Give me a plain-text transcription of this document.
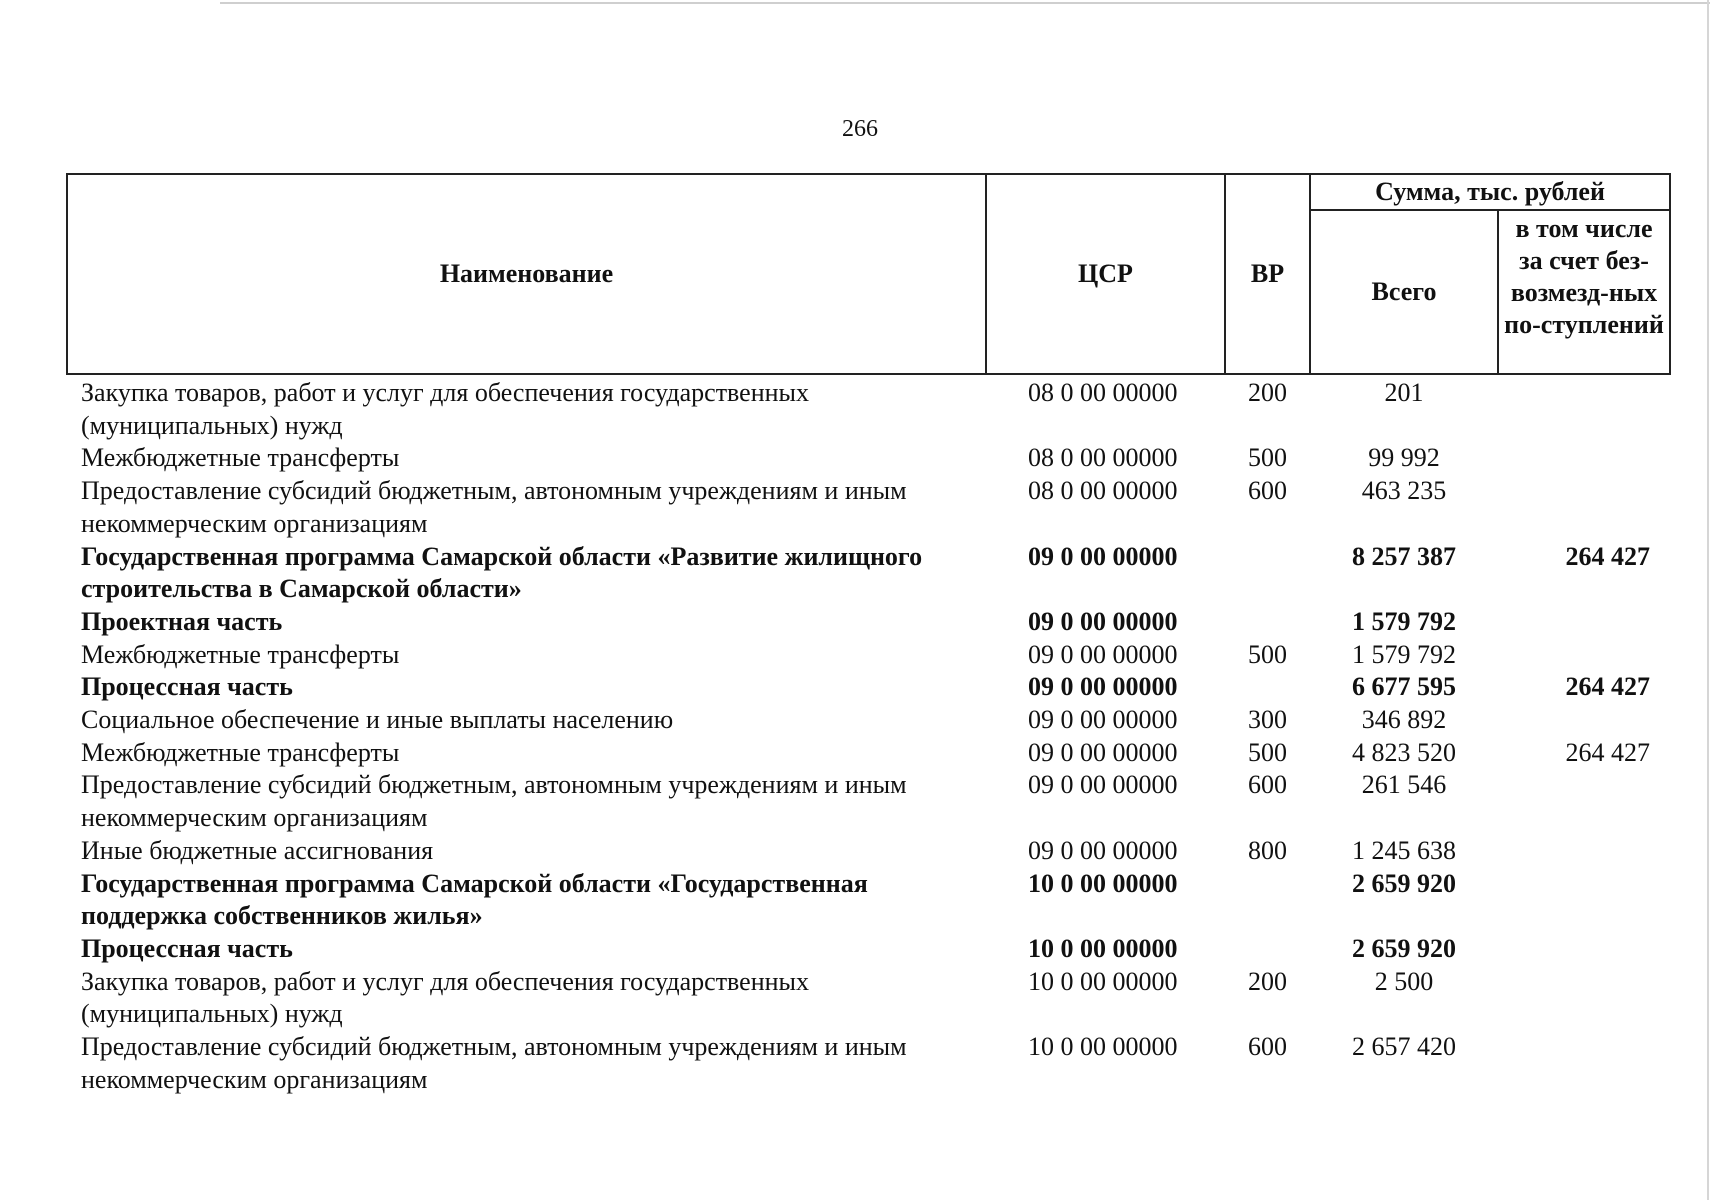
266
Наименование	ЦСР	ВР	Сумма, тыс. рублей	
			Всего	в том числе за счет без-возмезд-ных по-ступлений
Закупка товаров, работ и услуг для обеспечения государственных (муниципальных) нужд	08 0 00 00000	200	201	
Межбюджетные трансферты	08 0 00 00000	500	99 992	
Предоставление субсидий бюджетным, автономным учреждениям и иным некоммерческим организациям	08 0 00 00000	600	463 235	
Государственная программа Самарской области «Развитие жилищного строительства в Самарской области»	09 0 00 00000		8 257 387	264 427
Проектная часть	09 0 00 00000		1 579 792	
Межбюджетные трансферты	09 0 00 00000	500	1 579 792	
Процессная часть	09 0 00 00000		6 677 595	264 427
Социальное обеспечение и иные выплаты населению	09 0 00 00000	300	346 892	
Межбюджетные трансферты	09 0 00 00000	500	4 823 520	264 427
Предоставление субсидий бюджетным, автономным учреждениям и иным некоммерческим организациям	09 0 00 00000	600	261 546	
Иные бюджетные ассигнования	09 0 00 00000	800	1 245 638	
Государственная программа Самарской области «Государственная поддержка собственников жилья»	10 0 00 00000		2 659 920	
Процессная часть	10 0 00 00000		2 659 920	
Закупка товаров, работ и услуг для обеспечения государственных (муниципальных) нужд	10 0 00 00000	200	2 500	
Предоставление субсидий бюджетным, автономным учреждениям и иным некоммерческим организациям	10 0 00 00000	600	2 657 420	
